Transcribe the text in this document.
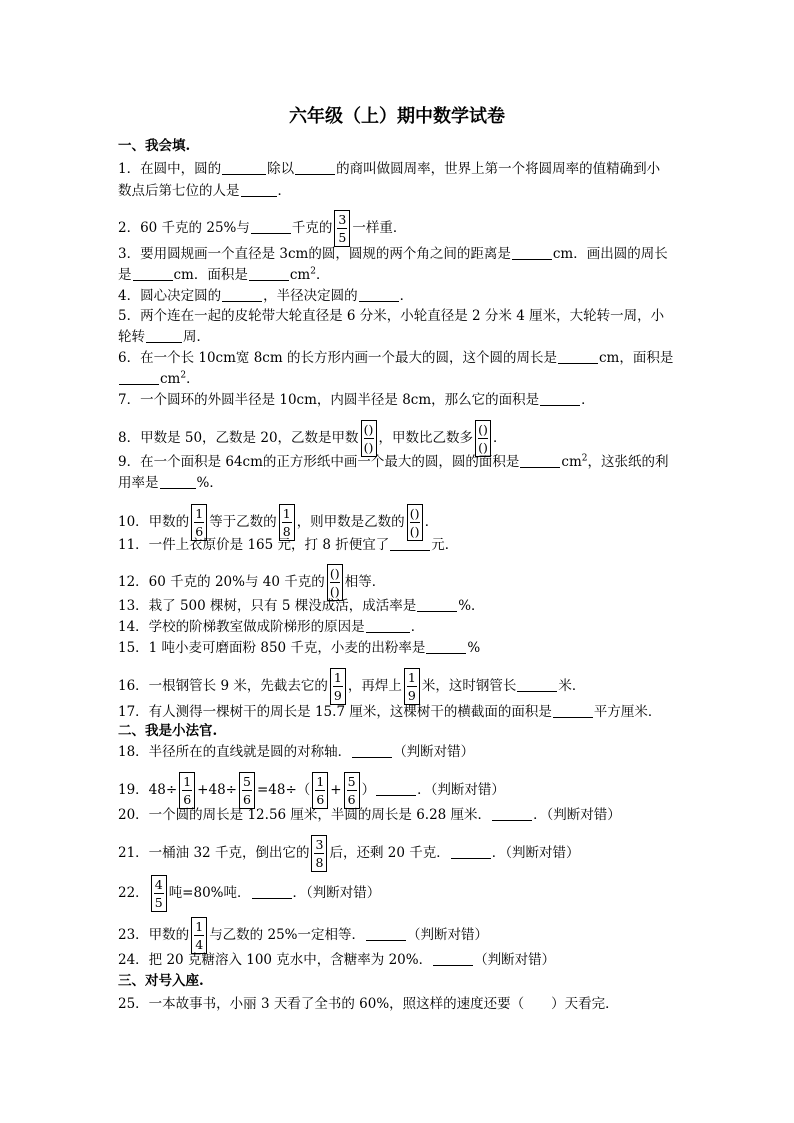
六年级（上）期中数学试卷
一、我会填.
1．在圆中，圆的	除以	的商叫做圆周率，世界上第一个将圆周率的值精确到小
数点后第七位的人是	．
2．60 千克的 25%与	千克的 $\frac{3}{5}$ 一样重．
3．要用圆规画一个直径是 3cm的圆，圆规的两个角之间的距离是	cm．画出圆的周长
是	cm．面积是	$cm^2$．
4．圆心决定圆的	，半径决定圆的	．
5．两个连在一起的皮轮带大轮直径是 6 分米，小轮直径是 2 分米 4 厘米，大轮转一周，小
轮转	周．
6．在一个长 10cm宽 8cm 的长方形内画一个最大的圆，这个圆的周长是	cm，面积是
$cm^2$．
7．一个圆环的外圆半径是 10cm，内圆半径是 8cm，那么它的面积是	．
8．甲数是 50，乙数是 20，乙数是甲数
()
()
，甲数比乙数多
()
()
．
9．在一个面积是 64cm的正方形纸中画一个最大的圆，圆的面积是	$cm^2$，这张纸的利
用率是	%．
10．甲数的 $\frac{1}{6}$ 等于乙数的 $\frac{1}{8}$ ，则甲数是乙数的
()
()
．
11．一件上衣原价是 165 元，打 8 折便宜了	元．
12．60 千克的 20%与 40 千克的
()
()
相等．
13．栽了 500 棵树，只有 5 棵没成活，成活率是	%．
14．学校的阶梯教室做成阶梯形的原因是	．
15．1 吨小麦可磨面粉 850 千克，小麦的出粉率是	%
16．一根钢管长 9 米，先截去它的 $\frac{1}{9}$ ，再焊上 $\frac{1}{9}$ 米，这时钢管长	米．
17．有人测得一棵树干的周长是 15.7 厘米，这棵树干的横截面的面积是	平方厘米．
二、我是小法官.
18．半径所在的直线就是圆的对称轴．	（判断对错）
19．$48\div \frac{1}{6} +48\div \frac{5}{6} =48\div( \frac{1}{6} + \frac{5}{6}$ ）	．（判断对错）
20．一个圆的周长是 12.56 厘米，半圆的周长是 6.28 厘米．	．（判断对错）
21．一桶油 32 千克，倒出它的 $\frac{3}{8}$ 后，还剩 20 千克．	．（判断对错）
22． $\frac{4}{5}$ 吨=80%吨．	．（判断对错）
23．甲数的 $\frac{1}{4}$ 与乙数的 25%一定相等．	（判断对错）
24．把 20 克糖溶入 100 克水中，含糖率为 20%．	（判断对错）
三、对号入座.
25．一本故事书，小丽 3 天看了全书的 60%，照这样的速度还要（　　）天看完．
